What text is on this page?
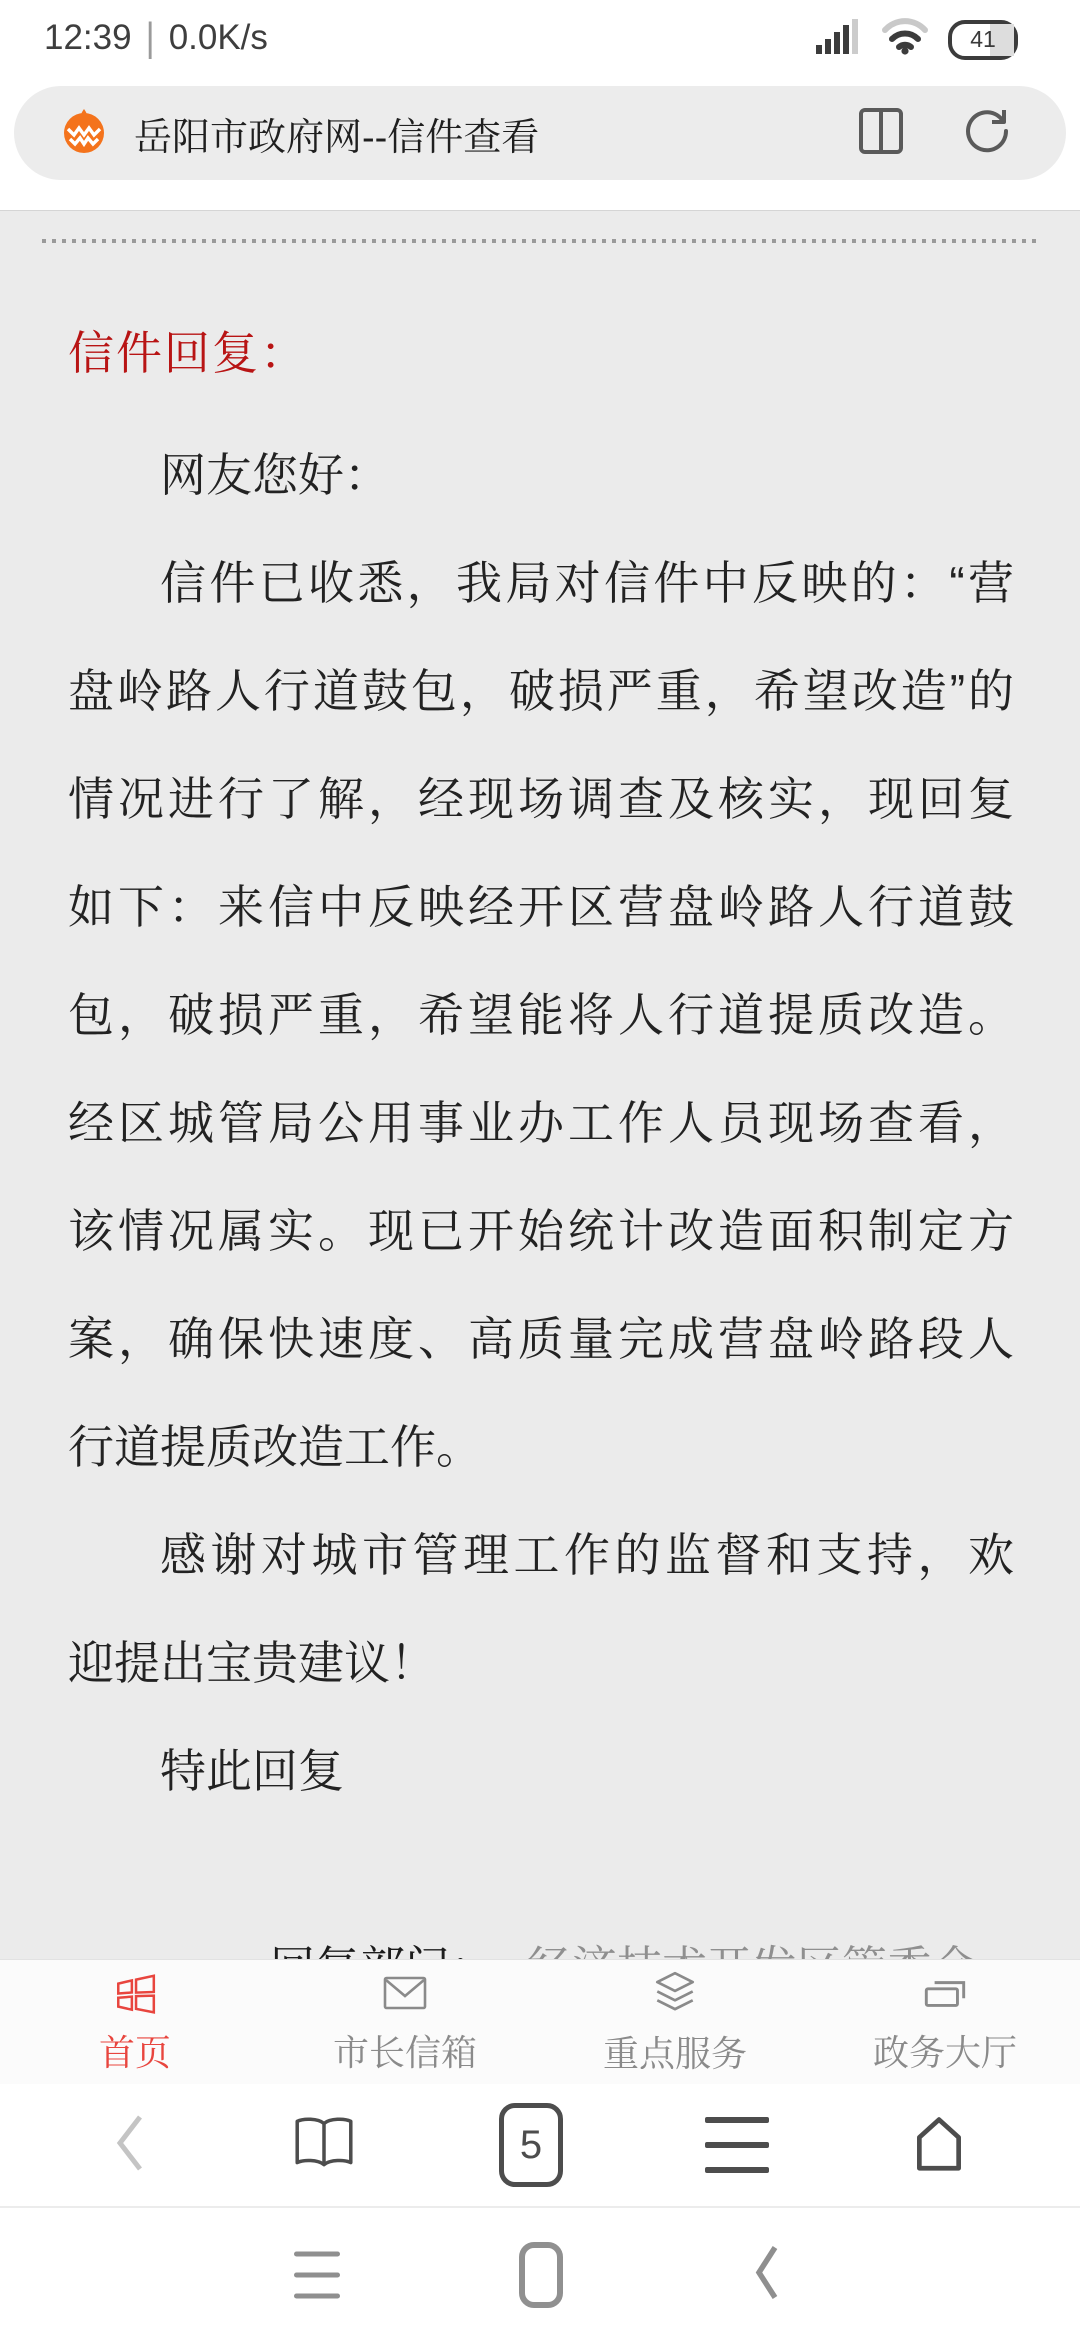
12:39 | 0.0K/s	41
岳阳市政府网--信件查看
信件回复：
网友您好：
信件已收悉，我局对信件中反映的：“营
盘岭路人行道鼓包，破损严重，希望改造”的
情况进行了解，经现场调查及核实，现回复
如下：来信中反映经开区营盘岭路人行道鼓
包，破损严重，希望能将人行道提质改造。
经区城管局公用事业办工作人员现场查看，
该情况属实。现已开始统计改造面积制定方
案，确保快速度、高质量完成营盘岭路段人
行道提质改造工作。
感谢对城市管理工作的监督和支持，欢
迎提出宝贵建议！
特此回复
首页	市长信箱	重点服务	政务大厅
5
